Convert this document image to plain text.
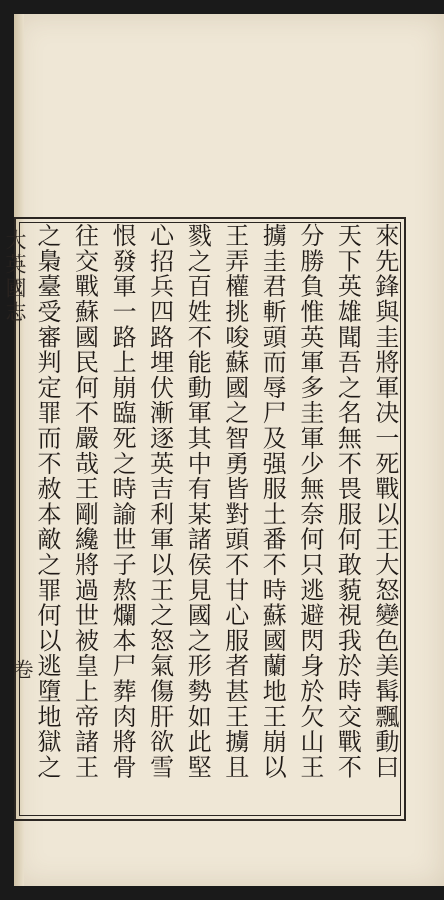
大英國志
卷	來先鋒與圭將軍决一死戰以王大怒變色美髯飄動曰
天下英雄聞吾之名無不畏服何敢藐視我於時交戰不
分勝負惟英軍多圭軍少無奈何只逃避閃身於欠山王
擄圭君斬頭而辱尸及强服土番不時蘇國蘭地王崩以
王弄權挑唆蘇國之智勇皆對頭不甘心服者甚王擄且
戮之百姓不能動軍其中有某諸侯見國之形勢如此堅
心招兵四路埋伏漸逐英吉利軍以王之怒氣傷肝欲雪
恨發軍一路上崩臨死之時諭世子熬爛本尸葬肉將骨
往交戰蘇國民何不嚴哉王剛纔將過世被皇上帝諸王
之梟臺受審判定罪而不赦本敵之罪何以逃墮地獄之
